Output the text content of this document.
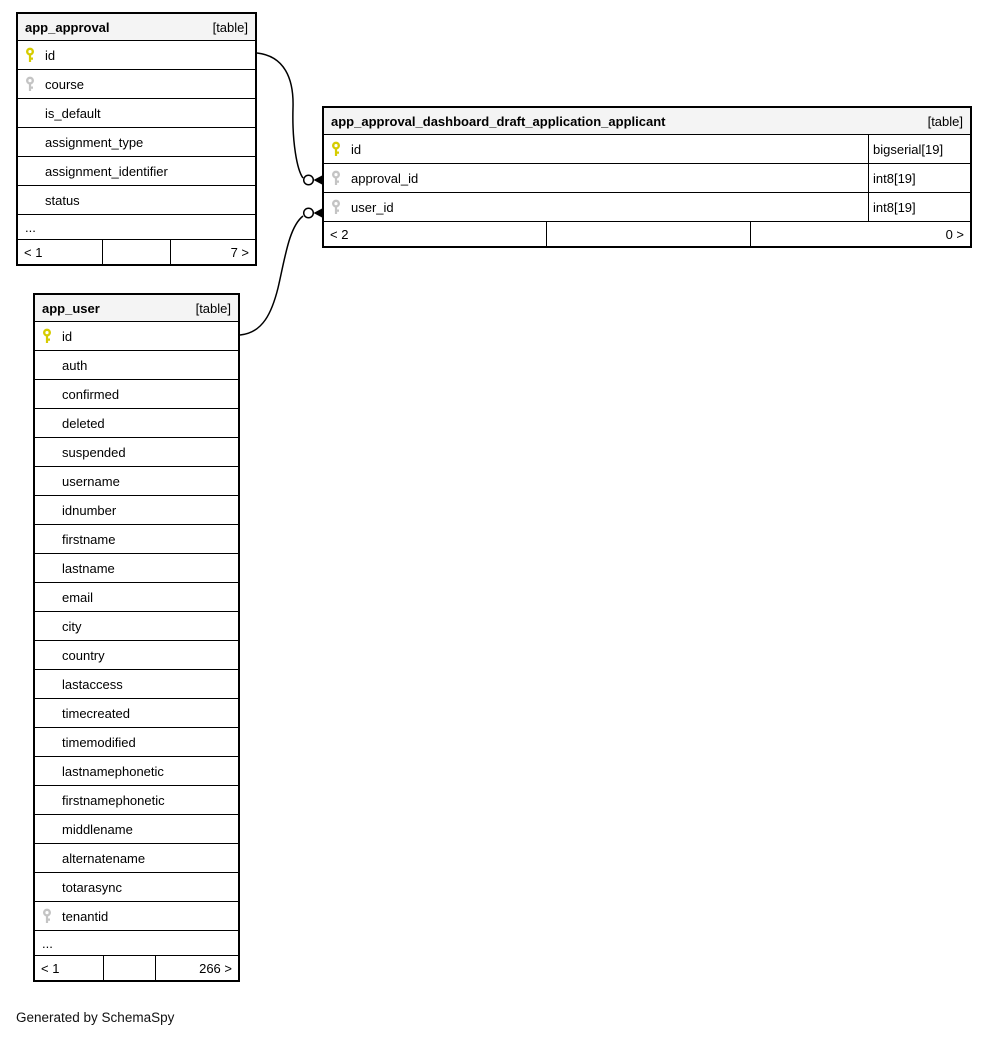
app_approval	[table]
id
course
is_default
assignment_type
assignment_identifier
status
...
< 1	7 >
app_approval_dashboard_draft_application_applicant	[table]
id	bigserial[19]
approval_id	int8[19]
user_id	int8[19]
< 2	0 >
app_user	[table]
id
auth
confirmed
deleted
suspended
username
idnumber
firstname
lastname
email
city
country
lastaccess
timecreated
timemodified
lastnamephonetic
firstnamephonetic
middlename
alternatename
totarasync
tenantid
...
< 1	266 >
Generated by SchemaSpy
